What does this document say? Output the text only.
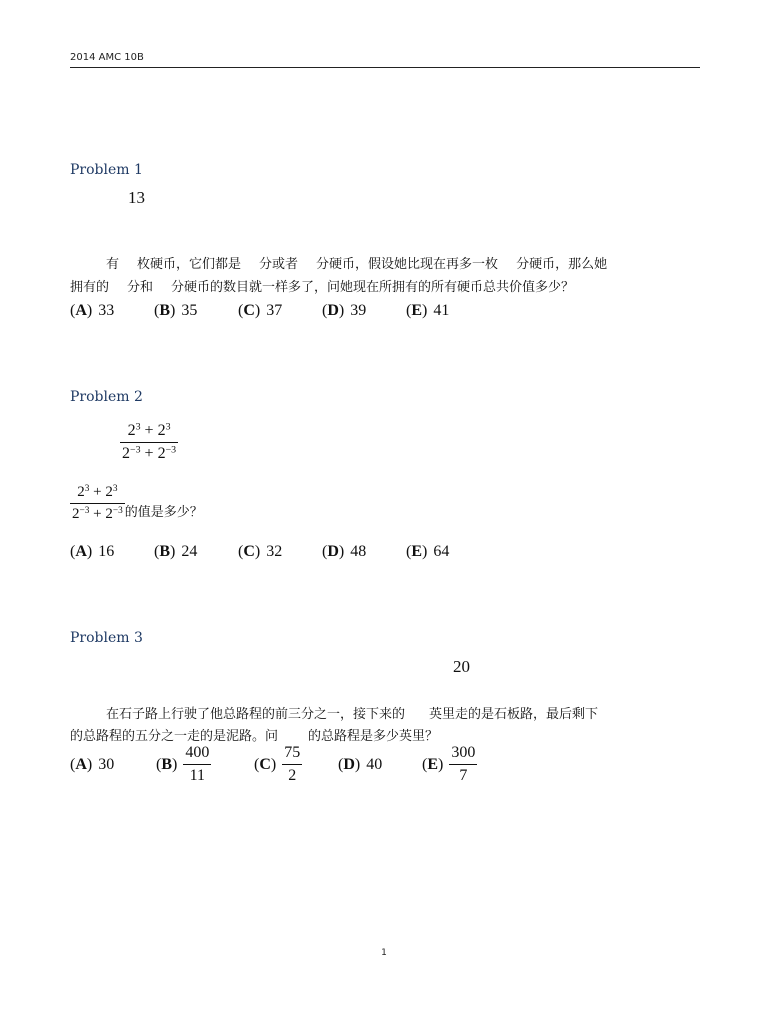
2014 AMC 10B
Problem 1
13
有 枚硬币，它们都是 分或者 分硬币，假设她比现在再多一枚 分硬币，那么她
拥有的 分和 分硬币的数目就一样多了，问她现在所拥有的所有硬币总共价值多少？
(A) 33 (B) 35	(C) 37 (D) 39 (E) 41
Problem 2
$\frac{2^3 + 2^3}{2^{-3} + 2^{-3}}$
$\frac{2^3 + 2^3}{2^{-3} + 2^{-3}}$ 的值是多少？
(A) 16 (B) 24	(C) 32 (D) 48 (E) 64
Problem 3
20
在石子路上行驶了他总路程的前三分之一，接下来的 英里走的是石板路，最后剩下
的总路程的五分之一走的是泥路。问 的总路程是多少英里？
(A) 30	$(B) \frac{400}{11}$	$(C) \frac{75}{2} (D)$ 40 $(E) \frac{300}{7}$
1
